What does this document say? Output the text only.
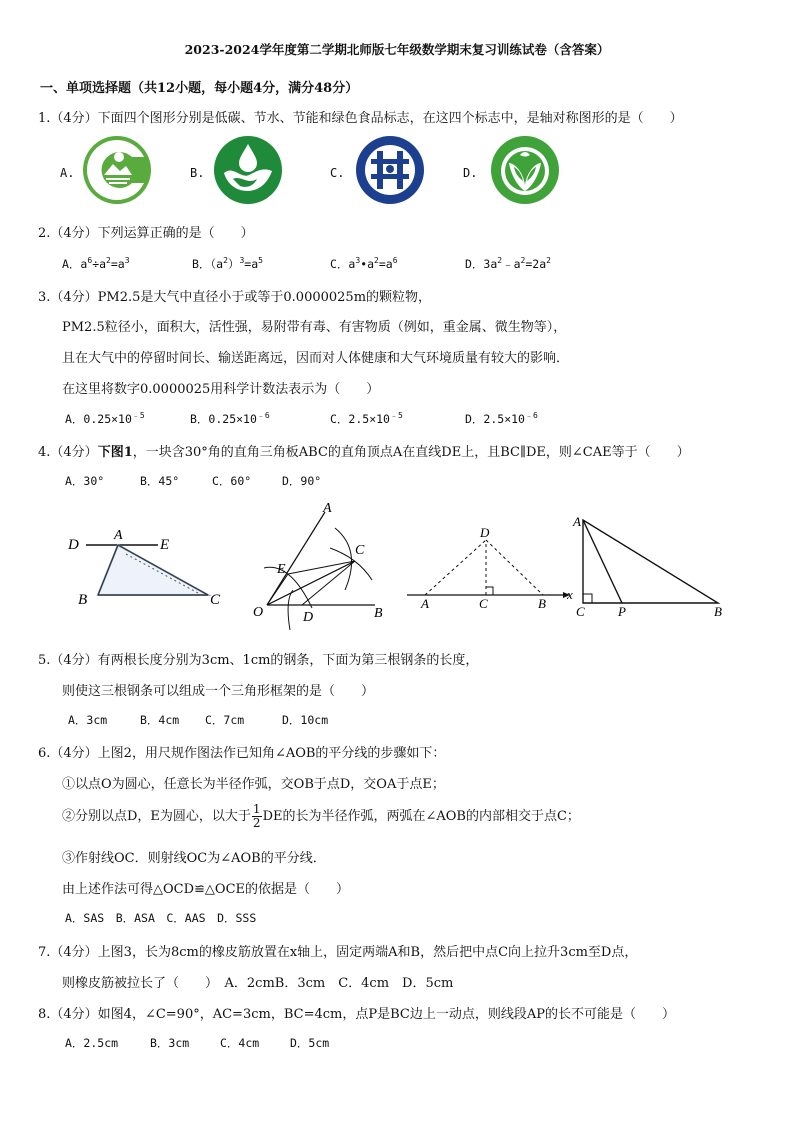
2023-2024学年度第二学期北师版七年级数学期末复习训练试卷（含答案）
一、单项选择题（共12小题，每小题4分，满分48分）
1.（4分）下面四个图形分别是低碳、节水、节能和绿色食品标志，在这四个标志中，是轴对称图形的是（　　）
A.	B.	C.	D.
2.（4分）下列运算正确的是（　　）
A．$a^6\div a^2=a^3$	B．$(a^2)^3=a^5$	C．$a^3•a^2=a^6$	D．$3a^2﹣a^2=2a^2$
3.（4分）PM2.5是大气中直径小于或等于0.0000025m的颗粒物，
PM2.5粒径小，面积大，活性强，易附带有毒、有害物质（例如，重金属、微生物等），
且在大气中的停留时间长、输送距离远，因而对人体健康和大气环境质量有较大的影响．
在这里将数字0.0000025用科学计数法表示为（　　）
A．$0.25\times 10^{﹣5}$	B．$0.25\times 10^{﹣6}$	C．$2.5\times 10^{﹣5}$	D．$2.5\times 10^{﹣6}$
4.（4分）下图1，一块含30°角的直角三角板ABC的直角顶点A在直线DE上，且BC∥DE，则∠CAE等于（　　）
A．30°	B．45°	C．60°	D．90°
D
A
E
B	C
A
E
C
O	D	B
D
A	C	B
x
A
C	P	B
5.（4分）有两根长度分别为3cm、1cm的钢条，下面为第三根钢条的长度，
则使这三根钢条可以组成一个三角形框架的是（　　）
A．3cm	B．4cm C．7cm	D．10cm
6.（4分）上图2，用尺规作图法作已知角∠AOB的平分线的步骤如下：
①以点O为圆心，任意长为半径作弧，交OB于点D，交OA于点E；
②分别以点D，E为圆心，以大于 $\frac{1}{2}$ DE的长为半径作弧，两弧在∠AOB的内部相交于点C；
③作射线OC．则射线OC为∠AOB的平分线．
由上述作法可得△OCD≌△OCE的依据是（　　）
A．SAS　B．ASA　C．AAS　D．SSS
7.（4分）上图3，长为8cm的橡皮筋放置在x轴上，固定两端A和B，然后把中点C向上拉升3cm至D点，
则橡皮筋被拉长了（　　）　A．2cmB．3cm　C．4cm　D．5cm
8.（4分）如图4，∠C=90°，AC=3cm，BC=4cm，点P是BC边上一动点，则线段AP的长不可能是（　　）
A．2.5cm	B．3cm	C．4cm	D．5cm
